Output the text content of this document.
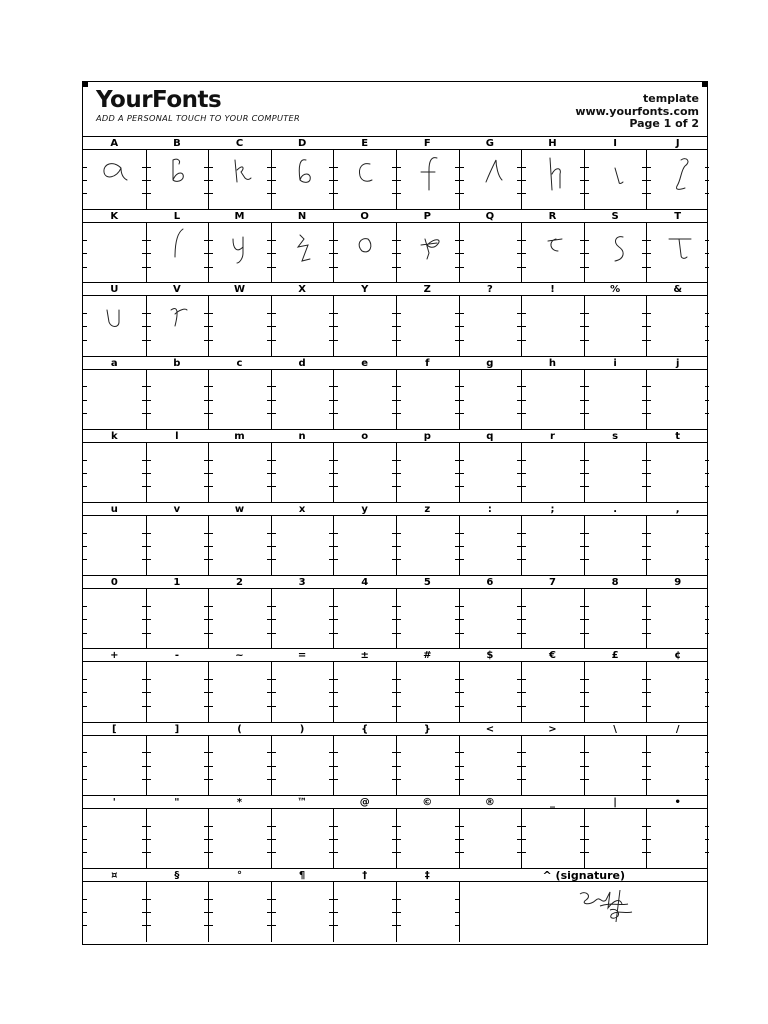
YourFonts
ADD A PERSONAL TOUCH TO YOUR COMPUTER
template
www.yourfonts.com
Page 1 of 2
A	B	C	D	E	F	G	H	I	J
K	L	M	N	O	P	Q	R	S	T
U	V	W	X	Y	Z	?	!	%	&
a	b	c	d	e	f	g	h	i	j
k	l	m	n	o	p	q	r	s	t
u	v	w	x	y	z	:	;	.	,
0	1	2	3	4	5	6	7	8	9
+	-	~	=	±	#	$	€	£	¢
[	]	(	)	{	}	<	>	\	/
'	"	*	™	@	©	®	_	|	•
¤	§	°	¶	†	‡	^ (signature)
